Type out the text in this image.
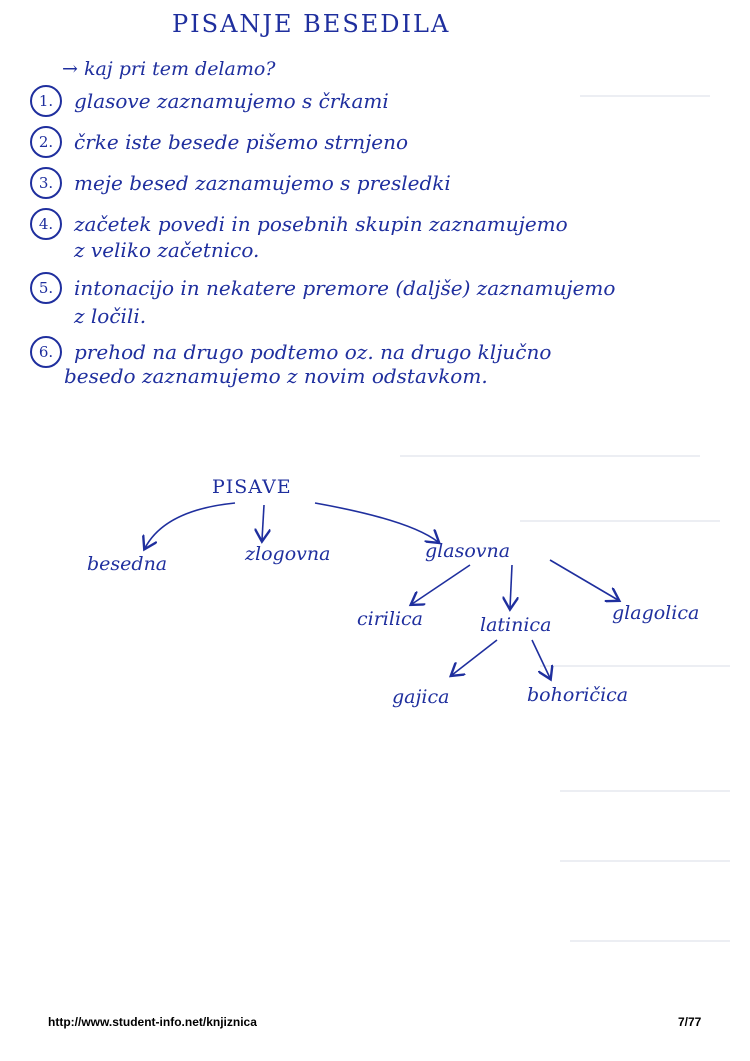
PISANJE BESEDILA
→ kaj pri tem delamo?
1. glasove zaznamujemo s črkami
2. črke iste besede pišemo strnjeno
3. meje besed zaznamujemo s presledki
4. začetek povedi in posebnih skupin zaznamujemo
z veliko začetnico.
5. intonacijo in nekatere premore (daljše) zaznamujemo
z ločili.
6. prehod na drugo podtemo oz. na drugo ključno
besedo zaznamujemo z novim odstavkom.
PISAVE
besedna	zlogovna	glasovna
cirilica	latinica
glagolica
gajica	bohoričica
http://www.student-info.net/knjiznica	7/77
